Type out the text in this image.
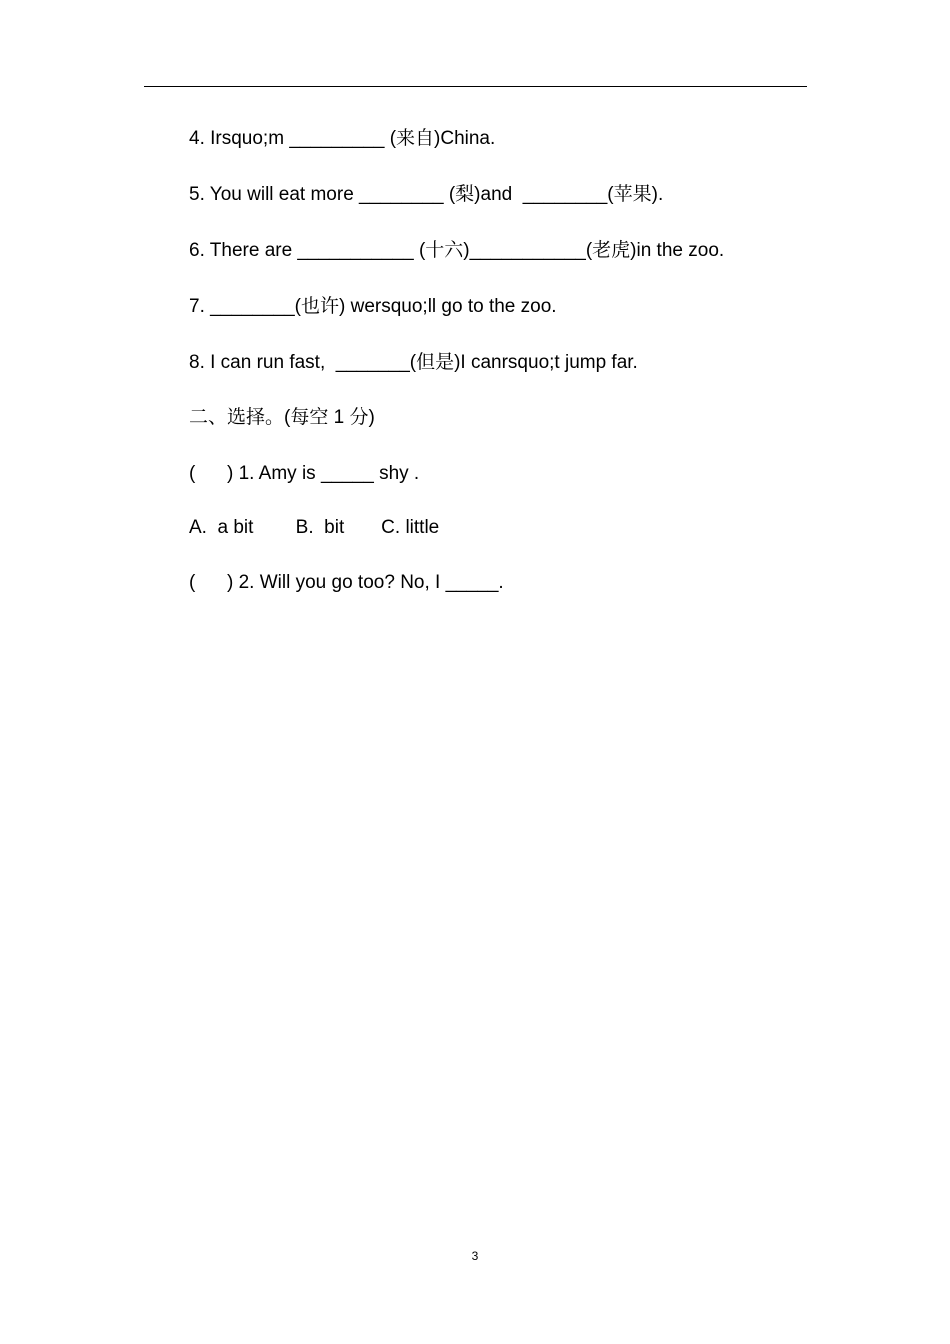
4. Irsquo;m _________ (来自)China.
5. You will eat more ________ (梨)and  ________(苹果).
6. There are ___________ (十六)___________(老虎)in the zoo.
7. ________(也许) wersquo;ll go to the zoo.
8. I can run fast,  _______(但是)I canrsquo;t jump far.
二、选择。(每空 1 分)
(      ) 1. Amy is _____ shy .
A.  a bit        B.  bit       C. little
(      ) 2. Will you go too? No, I _____.
3
